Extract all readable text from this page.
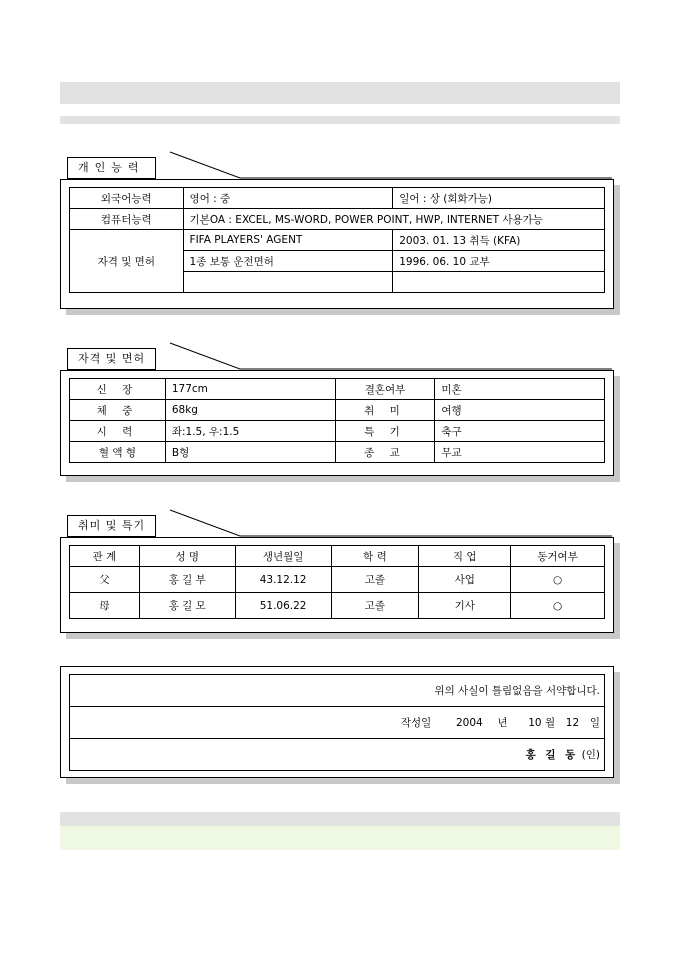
외국어능력	영어 : 중	일어 : 상 (회화가능)
컴퓨터능력	기본OA : EXCEL, MS-WORD, POWER POINT, HWP, INTERNET 사용가능	
자격 및 면허	FIFA PLAYERS' AGENT	2003. 01. 13 취득 (KFA)
	1종 보통 운전면허	1996. 06. 10 교부

개인능력
신 장	177cm	결혼여부	미혼
체 중	68kg	취 미	여행
시 력	좌:1.5, 우:1.5	특 기	축구
혈 액 형	B형	종 교	무교
자격 및 면허
관 계	성 명	생년월일	학 력	직 업	동거여부
父	홍 길 부	43.12.12	고졸	사업	○
母	홍 길 모	51.06.22	고졸	기사	○
취미 및 특기
위의 사실이 틀림없음을 서약합니다.
작성일 2004 년 10 월 12 일
홍 길 동 (인)
